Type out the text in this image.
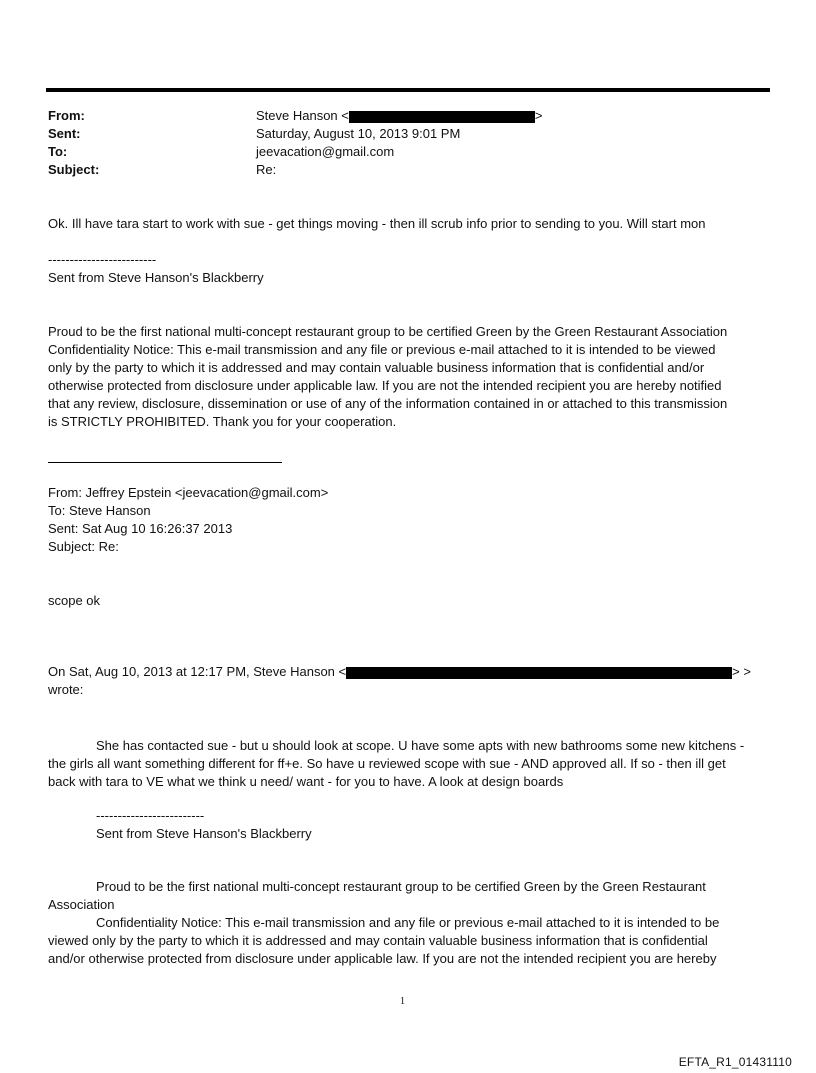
From:	Steve Hanson <	>
Sent:	Saturday, August 10, 2013 9:01 PM
To:	jeevacation@gmail.com
Subject:	Re:
Ok. Ill have tara start to work with sue - get things moving - then ill scrub info prior to sending to you. Will start mon
-------------------------
Sent from Steve Hanson's Blackberry
Proud to be the first national multi-concept restaurant group to be certified Green by the Green Restaurant Association
Confidentiality Notice: This e-mail transmission and any file or previous e-mail attached to it is intended to be viewed
only by the party to which it is addressed and may contain valuable business information that is confidential and/or
otherwise protected from disclosure under applicable law. If you are not the intended recipient you are hereby notified
that any review, disclosure, dissemination or use of any of the information contained in or attached to this transmission
is STRICTLY PROHIBITED. Thank you for your cooperation.
From: Jeffrey Epstein <jeevacation@gmail.com>
To: Steve Hanson
Sent: Sat Aug 10 16:26:37 2013
Subject: Re:
scope ok
On Sat, Aug 10, 2013 at 12:17 PM, Steve Hanson <	> >
wrote:
She has contacted sue - but u should look at scope. U have some apts with new bathrooms some new kitchens -
the girls all want something different for ff+e. So have u reviewed scope with sue - AND approved all. If so - then ill get
back with tara to VE what we think u need/ want - for you to have. A look at design boards
-------------------------
Sent from Steve Hanson's Blackberry
Proud to be the first national multi-concept restaurant group to be certified Green by the Green Restaurant
Association
Confidentiality Notice: This e-mail transmission and any file or previous e-mail attached to it is intended to be
viewed only by the party to which it is addressed and may contain valuable business information that is confidential
and/or otherwise protected from disclosure under applicable law. If you are not the intended recipient you are hereby
1
EFTA_R1_01431110
